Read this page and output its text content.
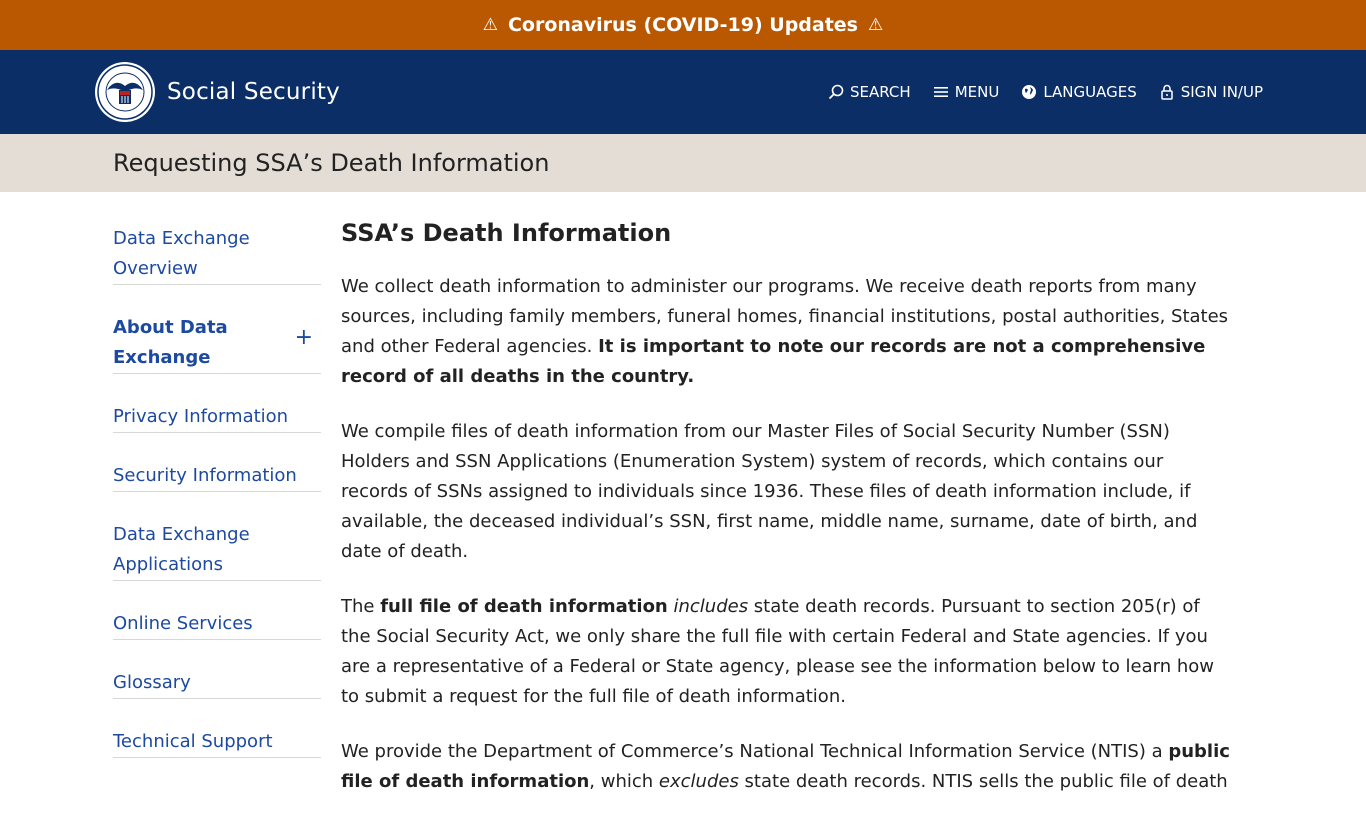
⚠ Coronavirus (COVID-19) Updates ⚠
Social Security	SEARCH	MENU	LANGUAGES	SIGN IN/UP
Requesting SSA’s Death Information
Data Exchange Overview
About Data Exchange
+
Privacy Information
Security Information
Data Exchange Applications
Online Services
Glossary
Technical Support
SSA’s Death Information

We collect death information to administer our programs. We receive death reports from many sources, including family members, funeral homes, financial institutions, postal authorities, States and other Federal agencies. It is important to note our records are not a comprehensive record of all deaths in the country.

We compile files of death information from our Master Files of Social Security Number (SSN) Holders and SSN Applications (Enumeration System) system of records, which contains our records of SSNs assigned to individuals since 1936. These files of death information include, if available, the deceased individual’s SSN, first name, middle name, surname, date of birth, and date of death.

The full file of death information includes state death records. Pursuant to section 205(r) of the Social Security Act, we only share the full file with certain Federal and State agencies. If you are a representative of a Federal or State agency, please see the information below to learn how to submit a request for the full file of death information.

We provide the Department of Commerce’s National Technical Information Service (NTIS) a public file of death information, which excludes state death records. NTIS sells the public file of death
